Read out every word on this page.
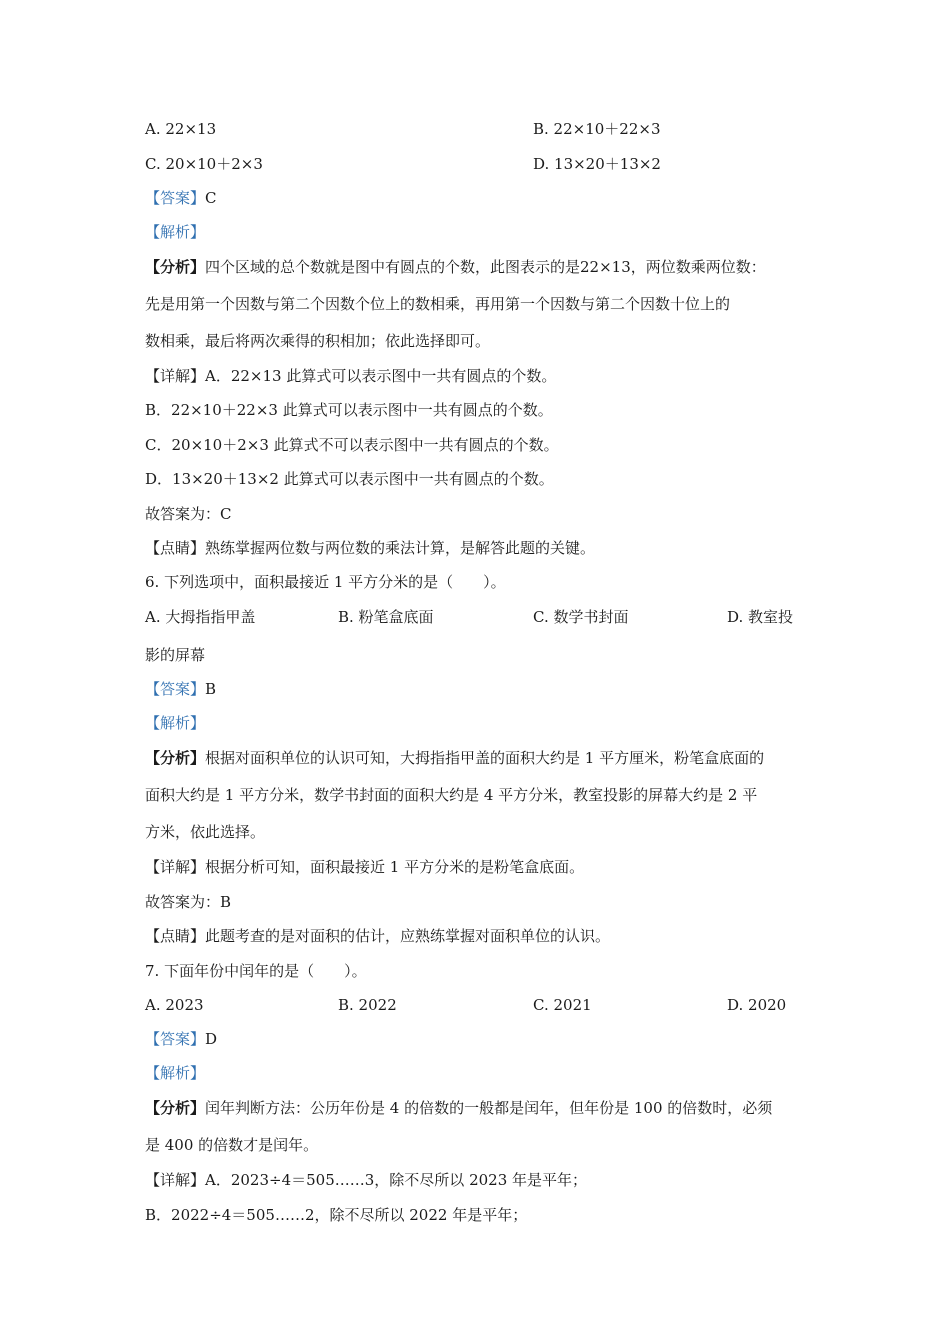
A. 22×13	B. 22×10＋22×3
C. 20×10＋2×3	D. 13×20＋13×2
【答案】C
【解析】
【分析】四个区域的总个数就是图中有圆点的个数，此图表示的是22×13，两位数乘两位数：
先是用第一个因数与第二个因数个位上的数相乘，再用第一个因数与第二个因数十位上的
数相乘，最后将两次乘得的积相加；依此选择即可。
【详解】A．22×13 此算式可以表示图中一共有圆点的个数。
B．22×10＋22×3 此算式可以表示图中一共有圆点的个数。
C．20×10＋2×3 此算式不可以表示图中一共有圆点的个数。
D．13×20＋13×2 此算式可以表示图中一共有圆点的个数。
故答案为：C
【点睛】熟练掌握两位数与两位数的乘法计算，是解答此题的关键。
6. 下列选项中，面积最接近 1 平方分米的是（　　）。
A. 大拇指指甲盖	B. 粉笔盒底面	C. 数学书封面	D. 教室投
影的屏幕
【答案】B
【解析】
【分析】根据对面积单位的认识可知，大拇指指甲盖的面积大约是 1 平方厘米，粉笔盒底面的
面积大约是 1 平方分米，数学书封面的面积大约是 4 平方分米，教室投影的屏幕大约是 2 平
方米，依此选择。
【详解】根据分析可知，面积最接近 1 平方分米的是粉笔盒底面。
故答案为：B
【点睛】此题考查的是对面积的估计，应熟练掌握对面积单位的认识。
7. 下面年份中闰年的是（　　）。
A. 2023	B. 2022	C. 2021	D. 2020
【答案】D
【解析】
【分析】闰年判断方法：公历年份是 4 的倍数的一般都是闰年，但年份是 100 的倍数时，必须
是 400 的倍数才是闰年。
【详解】A．2023÷4＝505……3，除不尽所以 2023 年是平年；
B．2022÷4＝505……2，除不尽所以 2022 年是平年；
